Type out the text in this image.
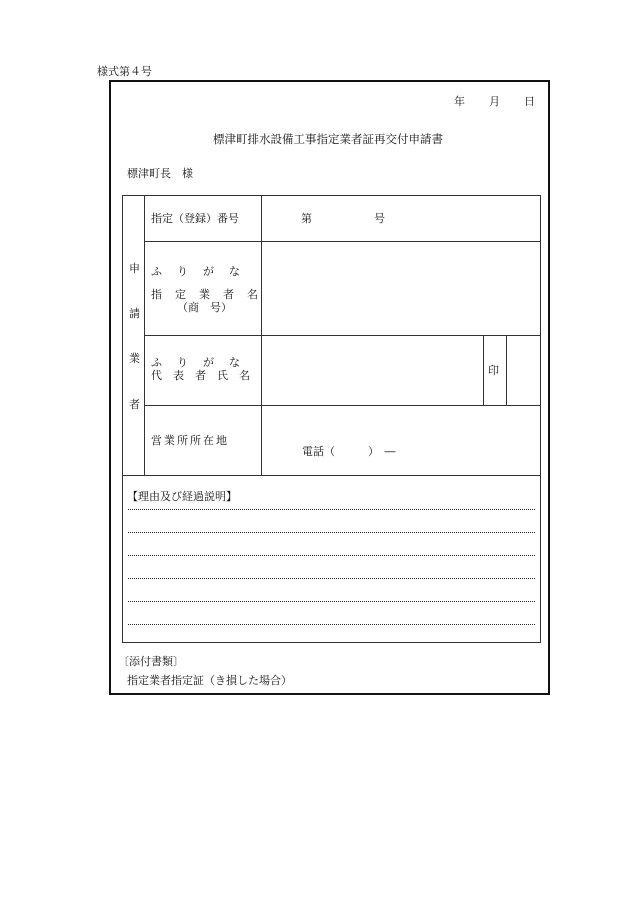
様式第４号
年 月 日
標津町排水設備工事指定業者証再交付申請書
標津町長　様
申
請
業
者
指定（登録）番号	第	号
ふ　り　が　な
指　定　業　者　名
（商　号）
ふ　り　が　な
代　表　者　氏　名	印
営業所所在地
電話（　　　）　―
【理由及び経過説明】
〔添付書類〕
指定業者指定証（き損した場合）
